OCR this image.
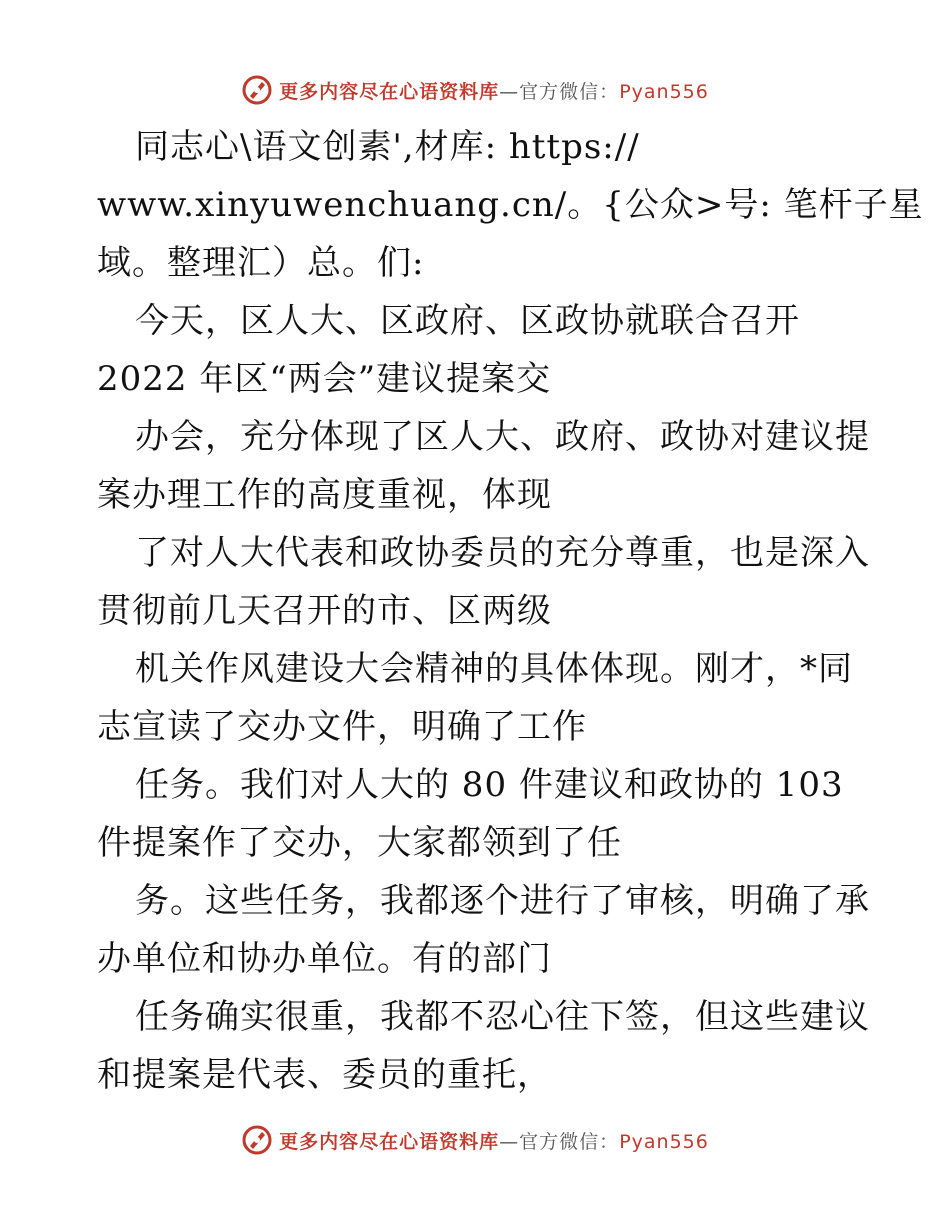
更多内容尽在心语资料库—官方微信：Pyan556
同志心\语文创素',材库: https://
www.xinyuwenchuang.cn/。{公众>号: 笔杆子星
域。整理汇）总。们:
今天，区人大、区政府、区政协就联合召开
2022 年区“两会”建议提案交
办会，充分体现了区人大、政府、政协对建议提
案办理工作的高度重视，体现
了对人大代表和政协委员的充分尊重，也是深入
贯彻前几天召开的市、区两级
机关作风建设大会精神的具体体现。刚才，*同
志宣读了交办文件，明确了工作
任务。我们对人大的 80 件建议和政协的 103
件提案作了交办，大家都领到了任
务。这些任务，我都逐个进行了审核，明确了承
办单位和协办单位。有的部门
任务确实很重，我都不忍心往下签，但这些建议
和提案是代表、委员的重托，
更多内容尽在心语资料库—官方微信：Pyan556
